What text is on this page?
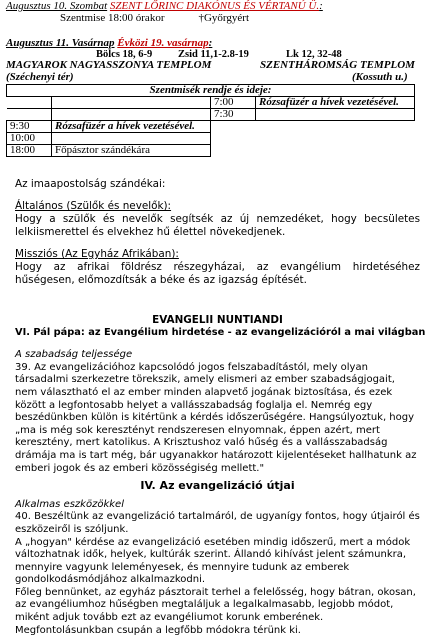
Augusztus 10. Szombat SZENT LŐRINC DIAKÓNUS ÉS VÉRTANÚ Ü.:
Szentmise 18:00 órakor	†Győrgyért
Augusztus 11. Vasárnap Évközi 19. vasárnap:
Bölcs 18, 6-9 Zsid 11,1-2.8-19	Lk 12, 32-48
MAGYAROK NAGYASSZONYA TEMPLOM	SZENTHÁROMSÁG TEMPLOM
(Széchenyi tér)	(Kossuth u.)
Szentmisék rendje és ideje:			
		7:00	Rózsafüzér a hívek vezetésével.
		7:30	
9:30	Rózsafüzér a hívek vezetésével.		
10:00			
18:00	Főpásztor szándékára		

Az imaapostolság szándékai:

Általános (Szülők és nevelők):

Hogy a szülők és nevelők segítsék az új nemzedéket, hogy becsületes lelkiismerettel és elvekhez hű élettel növekedjenek.

Missziós (Az Egyház Afrikában):

Hogy az afrikai földrész részegyházai, az evangélium hirdetéséhez hűségesen, előmozdítsák a béke és az igazság építését.

EVANGELII NUNTIANDI

VI. Pál pápa: az Evangélium hirdetése - az evangelizációról a mai világban

A szabadság teljessége

39. Az evangelizációhoz kapcsolódó jogos felszabadítástól, mely olyan társadalmi szerkezetre törekszik, amely elismeri az ember szabadságjogait, nem választható el az ember minden alapvető jogának biztosítása, és ezek között a legfontosabb helyet a vallásszabadság foglalja el. Nemrég egy beszédünkben külön is kitértünk a kérdés időszerűségére. Hangsúlyoztuk, hogy „ma is még sok keresztényt rendszeresen elnyomnak, éppen azért, mert keresztény, mert katolikus. A Krisztushoz való hűség és a vallásszabadság drámája ma is tart még, bár ugyanakkor határozott kijelentéseket hallhatunk az emberi jogok és az emberi közösségiség mellett."

IV. Az evangelizáció útjai

Alkalmas eszközökkel

40. Beszéltünk az evangelizáció tartalmáról, de ugyanígy fontos, hogy útjairól és eszközeiről is szóljunk.

A „hogyan" kérdése az evangelizáció esetében mindig időszerű, mert a módok változhatnak idők, helyek, kultúrák szerint. Állandó kihívást jelent számunkra, mennyire vagyunk leleményesek, és mennyire tudunk az emberek gondolkodásmódjához alkalmazkodni.

Főleg bennünket, az egyház pásztorait terhel a felelősség, hogy bátran, okosan, az evangéliumhoz hűségben megtaláljuk a legalkalmasabb, legjobb módot, miként adjuk tovább ezt az evangéliumot korunk emberének. Megfontolásunkban csupán a legfőbb módokra térünk ki.
